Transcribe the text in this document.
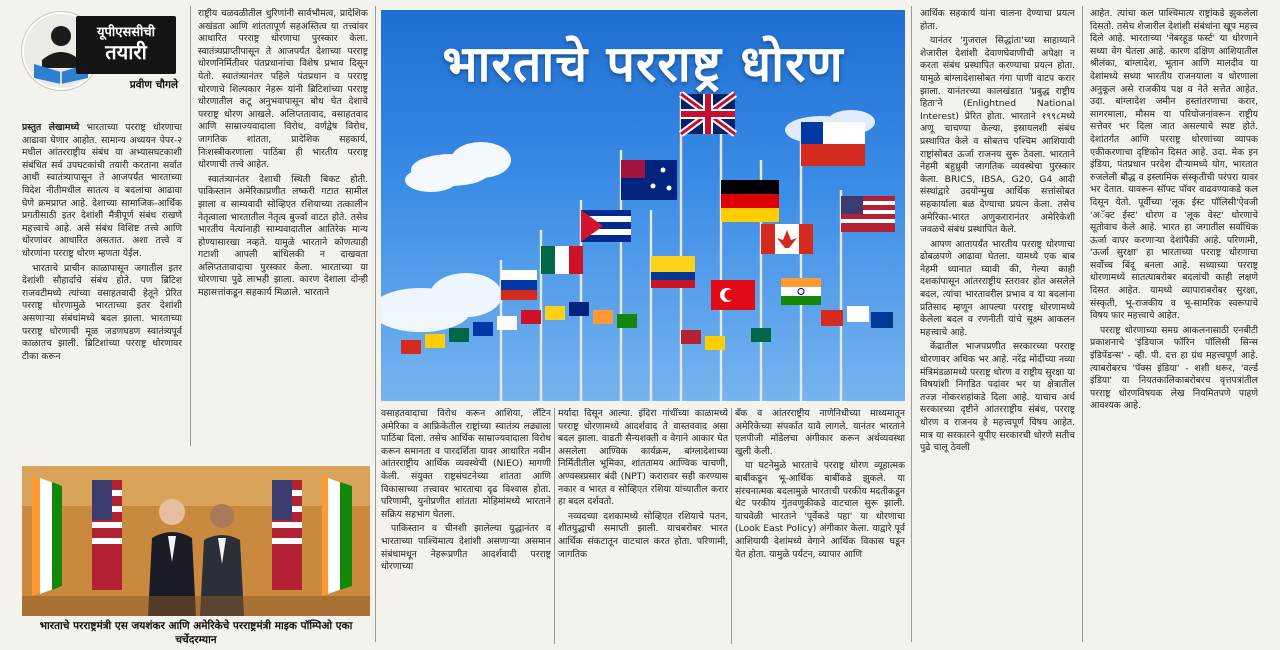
यूपीएससीची
तयारी
प्रवीण चौगले

प्रस्तुत लेखामध्ये भारताच्या परराष्ट्र धोरणाचा आढावा घेणार आहोत. सामान्य अध्ययन पेपर-२ मधील आंतरराष्ट्रीय संबंध या अभ्यासघटकाशी संबंधित सर्व उपघटकांची तयारी करताना सर्वात आधी स्वातंत्र्यापासून ते आजपर्यंत भारताच्या विदेश नीतीमधील सातत्य व बदलांचा आढावा घेणे क्रमप्राप्त आहे. देशाच्या सामाजिक-आर्थिक प्रगतीसाठी इतर देशांशी मैत्रीपूर्ण संबंध राखणे महत्त्वाचे आहे. असे संबंध विशिष्ट तत्त्वे आणि धोरणांवर आधारित असतात. अशा तत्त्वे व धोरणांना परराष्ट्र धोरण म्हणता येईल.

भारताचे प्राचीन काळापासून जगातील इतर देशांशी सौहार्दाचे संबंध होते. पण ब्रिटिश राजवटीमध्ये त्यांच्या वसाहतवादी हेतूने प्रेरित परराष्ट्र धोरणामुळे भारताच्या इतर देशांशी असणाऱ्या संबंधांमध्ये बदल झाला. भारताच्या परराष्ट्र धोरणाची मूळ जडणघडण स्वातंत्र्यपूर्व काळातच झाली. ब्रिटिशांच्या परराष्ट्र धोरणावर टीका करून

राष्ट्रीय चळवळीतील धुरिणांनी सार्वभौमत्व, प्रादेशिक अखंडता आणि शांततापूर्ण सहअस्तित्व या तत्त्वांवर आधारित परराष्ट्र धोरणाचा पुरस्कार केला. स्वातंत्र्यप्राप्तीपासून ते आजपर्यंत देशाच्या परराष्ट्र धोरणनिर्मितीवर पंतप्रधानांचा विशेष प्रभाव दिसून येतो. स्वातंत्र्यानंतर पहिले पंतप्रधान व परराष्ट्र धोरणाचे शिल्पकार नेहरू यांनी ब्रिटिशांच्या परराष्ट्र धोरणातील कटू अनुभवापासून बोध घेत देशाचे परराष्ट्र धोरण आखले. अलिप्ततावाद, वसाहतवाद आणि साम्राज्यवादाला विरोध, वर्णद्वेष विरोध, जागतिक शांतता, प्रादेशिक सहकार्य, निःशस्त्रीकरणाला पाठिंबा ही भारतीय परराष्ट्र धोरणाची तत्त्वे आहेत.

स्वातंत्र्यानंतर देशाची स्थिती बिकट होती. पाकिस्तान अमेरिकाप्रणीत लष्करी गटात सामील झाला व साम्यवादी सोव्हिएत रशियाच्या तत्कालीन नेतृत्वाला भारतातील नेतृत्व बुर्ज्वा वाटत होते. तसेच भारतीय नेत्यांनाही साम्यवादातील आतिरेक मान्य होण्यासारखा नव्हते. यामुळे भारताने कोणत्याही गटाशी आपली बांधिलकी न दाखवता अलिप्ततावादाचा पुरस्कार केला. भारताच्या या धोरणाचा पुढे लाभही झाला. कारण देशाला दोन्ही महासत्तांकडून सहकार्य मिळाले. भारताने

भारताचे परराष्ट्र धोरण

वसाहतवादाचा विरोध करून आशिया, लॅटिन अमेरिका व आफ्रिकेतील राष्ट्रांच्या स्वातंत्र्य लढ्याला पाठिंबा दिला. तसेच आर्थिक साम्राज्यवादाला विरोध करून समानता व पारदर्शिता यावर आधारित नवीन आंतरराष्ट्रीय आर्थिक व्यवस्थेची (NIEO) मागणी केली. संयुक्त राष्ट्रसंघटनेच्या शांतता आणि विकासाच्या तत्त्वावर भारताचा दृढ विश्वास होता. परिणामी, युनोप्रणीत शांतता मोहिमांमध्ये भारताने सक्रिय सहभाग घेतला.

पाकिस्तान व चीनशी झालेल्या युद्धानंतर व भारताच्या पाश्चिमात्य देशांशी असणाऱ्या असमान संबंधामधून नेहरूप्रणीत आदर्शवादी परराष्ट्र धोरणाच्या

मर्यादा दिसून आल्या. इंदिरा गांधींच्या काळामध्ये परराष्ट्र धोरणामध्ये आदर्शवाद ते वास्तववाद असा बदल झाला. वाढती सैन्यशक्ती व वेगाने आकार घेत असलेला आण्विक कार्यक्रम, बांग्लादेशाच्या निर्मितीतील भूमिका, शांततामय आण्विक चाचणी, अण्वस्त्रप्रसार बंदी (NPT) करारावर सही करण्यास नकार व भारत व सोव्हिएत रशिया यांच्यातील करार हा बदल दर्शवतो.

नव्वदच्या दशकामध्ये सोव्हिएत रशियाचे पतन, शीतयुद्धाची समाप्ती झाली. याचबरोबर भारत आर्थिक संकटातून वाटचाल करत होता. परिणामी, जागतिक

बँक व आंतरराष्ट्रीय नाणेनिधीच्या माध्यमातून अमेरिकेच्या संपर्कात यावे लागले. यानंतर भारताने एलपीजी मॉडेलचा अंगीकार करून अर्थव्यवस्था खुली केली.

या घटनेमुळे भारताचे परराष्ट्र धोरण व्यूहात्मक बाबींकडून भू-आर्थिक बाबींकडे झुकले. या संरचनात्मक बदलामुळे भारताची परकीय मदतीकडून थेट परकीय गुंतवणुकीकडे वाटचाल सुरू झाली. याचवेळी भारताने 'पूर्वेकडे पहा' या धोरणाचा (Look East Policy) अंगीकार केला. याद्वारे पूर्व आशियायी देशांमध्ये वेगाने आर्थिक विकास घडून येत होता. यामुळे पर्यटन, व्यापार आणि

आर्थिक सहकार्य यांना चालना देण्याचा प्रयत्न होता.

यानंतर 'गुजराल सिद्धांता'च्या साहाय्याने शेजारील देशांशी देवाणघेवाणीची अपेक्षा न करता संबंध प्रस्थापित करण्याचा प्रयत्न होता. यामुळे बांग्लादेशासोबत गंगा पाणी वाटप करार झाला. यानंतरच्या कालखंडात 'प्रबुद्ध राष्ट्रीय हिता'ने (Enlightned National Interest) प्रेरित होता. भारताने १९९८मध्ये अणू चाचण्या केल्या, इस्रायलशी संबंध प्रस्थापित केले व सोबतच पश्चिम आशियायी राष्ट्रांसोबत ऊर्जा राजनय सुरू ठेवला. भारताने नेहमी बहुध्रुवी जागतिक व्यवस्थेचा पुरस्कार केला. BRICS, IBSA, G20, G4 आदी संस्थांद्वारे उदयोन्मुख आर्थिक सत्तांसोबत सहकार्याला बळ देण्याचा प्रयत्न केला. तसेच अमेरिका-भारत अणुकरारानंतर अमेरिकेशी जवळचे संबंध प्रस्थापित केले.

आपण आतापर्यंत भारतीय परराष्ट्र धोरणाचा ढोबळपणे आढावा घेतला. यामध्ये एक बाब नेहमी ध्यानात घ्यावी की, गेल्या काही दशकांपासून आंतरराष्ट्रीय स्तरावर होत असलेले बदल, त्यांचा भारतावरील प्रभाव व या बदलांना प्रतिसाद म्हणून आपल्या परराष्ट्र धोरणामध्ये केलेला बदल व रणनीती यांचे सूक्ष्म आकलन महत्त्वाचे आहे.

केंद्रातील भाजपप्रणीत सरकारच्या परराष्ट्र धोरणावर अधिक भर आहे. नरेंद्र मोदींच्या नव्या मंत्रिमंडळामध्ये परराष्ट्र धोरण व राष्ट्रीय सुरक्षा या विषयांशी निगडित पदांवर भर या क्षेत्रातील तज्ज्ञ नोकरशहांकडे दिला आहे. याचाच अर्थ सरकारच्या दृष्टीने आंतरराष्ट्रीय संबंध, परराष्ट्र धोरण व राजनय हे महत्त्वपूर्ण विषय आहेत. मात्र या सरकारने यूपीए सरकारची धोरणे सतीच पुढे चालू ठेवली

आहेत. त्यांचा कल पाश्चिमात्य राष्ट्रांकडे झुकलेला दिसतो. तसेच शेजारील देशांशी संबंधांना खूप महत्त्व दिले आहे. भारताच्या 'नेबरहूड फर्स्ट' या धोरणाने सध्या वेग घेतला आहे. कारण दक्षिण आशियातील श्रीलंका, बांग्लादेश, भूतान आणि मालदीव या देशांमध्ये सध्या भारतीय राजनयाला व धोरणाला अनुकूल असे राजकीय पक्ष व नेते सत्तेत आहेत. उदा. बांग्लादेश जमीन हस्तांतरणाचा करार, सागरमाला, मौसम या परियोजनांवरून राष्ट्रीय सत्तेवर भर दिला जात असल्याचे स्पष्ट होते. देशांतर्गत आणि परराष्ट्र धोरणांच्या व्यापक एकीकरणाचा दृष्टिकोन दिसत आहे. उदा. मेक इन इंडिया, पंतप्रधान परदेश दौऱ्यामध्ये योग, भारतात रुजलेली बौद्ध व इस्लामिक संस्कृतीची परंपरा यावर भर देतात. यावरून सॉफ्ट पॉवर वाढवण्याकडे कल दिसून येतो. पूर्वीच्या 'लूक ईस्ट पॉलिसी'ऐवजी 'अॅक्ट ईस्ट' धोरण व 'लूक वेस्ट' धोरणाचे सूतोवाच केले आहे. भारत हा जगातील सर्वाधिक ऊर्जा वापर करणाऱ्या देशांपैकी आहे. परिणामी, 'ऊर्जा सुरक्षा' हा भारताच्या परराष्ट्र धोरणाचा सर्वोच्च बिंदू बनला आहे. सध्याच्या परराष्ट्र धोरणामध्ये सातत्याबरोबर बदलांची काही लक्षणे दिसत आहेत. यामध्ये व्यापाराबरोबर सुरक्षा, संस्कृती, भू-राजकीय व भू-सामरिक स्वरूपाचे विषय फार महत्त्वाचे आहेत.

परराष्ट्र धोरणाच्या समग्र आकलनासाठी एनबीटी प्रकाशनाचे 'इंडियाज फॉरिन पॉलिसी सिन्स इंडिपेंडन्स' - व्ही. पी. दत्त हा ग्रंथ महत्त्वपूर्ण आहे. त्याबरोबरच 'पॅक्स इंडिया' - शशी थरूर, 'वर्ल्ड इंडिया' या नियतकालिकाबरोबरच वृत्तपत्रांतील परराष्ट्र धोरणविषयक लेख नियमितपणे पाहणे आवश्यक आहे.

भारताचे परराष्ट्रमंत्री एस जयशंकर आणि अमेरिकेचे परराष्ट्रमंत्री माइक पॉम्पिओ एका चर्चेदरम्यान
